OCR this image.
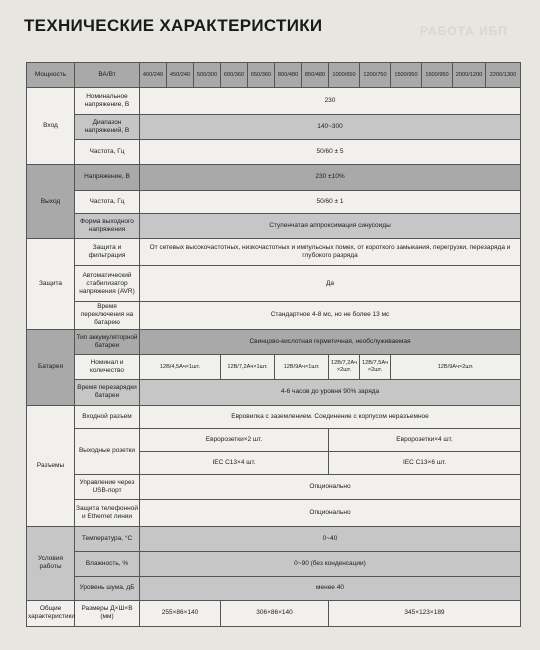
РАБОТА ИБП
ТЕХНИЧЕСКИЕ ХАРАКТЕРИСТИКИ
Мощность	ВА/Вт	400/240	450/240	500/300	600/360	650/360	800/480	850/480	1000/650	1200/750	1500/950	1600/950	2000/1200	2200/1300
Вход	Номинальное напряжение, В	230												
	Диапазон напряжений, В	140~300												
	Частота, Гц	50/60 ± 5												
Выход	Напряжение, В	230 ±10%												
	Частота, Гц	50/60 ± 1												
	Форма выходного напряжения	Ступенчатая аппроксимация синусоиды												
Защита	Защита и фильтрация	От сетевых высокочастотных, низкочастотных и импульсных помех, от короткого замыкания, перегрузки, перезаряда и глубокого разряда												
	Автоматический стабилизатор напряжения (AVR)	Да												
	Время переключения на батарею	Стандартное 4-8 мс, но не более 13 мс												
Батарея	Тип аккумуляторной батареи	Свинцово-кислотная герметичная, необслуживаемая												
	Номинал и количество	12В/4,5Ач×1шт.			12В/7,2Ач×1шт.		12В/9Ач×1шт.		12В/7,2Ач ×2шт.	12В/7,5Ач ×2шт.	12В/9Ач×2шт.			
	Время перезарядки батареи	4-6 часов до уровня 90% заряда												
Разъемы	Входной разъем	Евровилка с заземлением. Соединение с корпусом неразъемное												
	Выходные розетки	Евророзетки×2 шт.							Евророзетки×4 шт.					
		IEC C13×4 шт.							IEC C13×6 шт.					
	Управление через USB-порт	Опционально												
	Защита телефонной и Ethernet линии	Опционально												
Условия работы	Температура, °С	0~40												
	Влажность, %	0~90 (без конденсации)												
	Уровень шума, дБ	менее 40												
Общие характеристики	Размеры Д×Ш×В (мм)	255×86×140			306×86×140				345×123×189					
